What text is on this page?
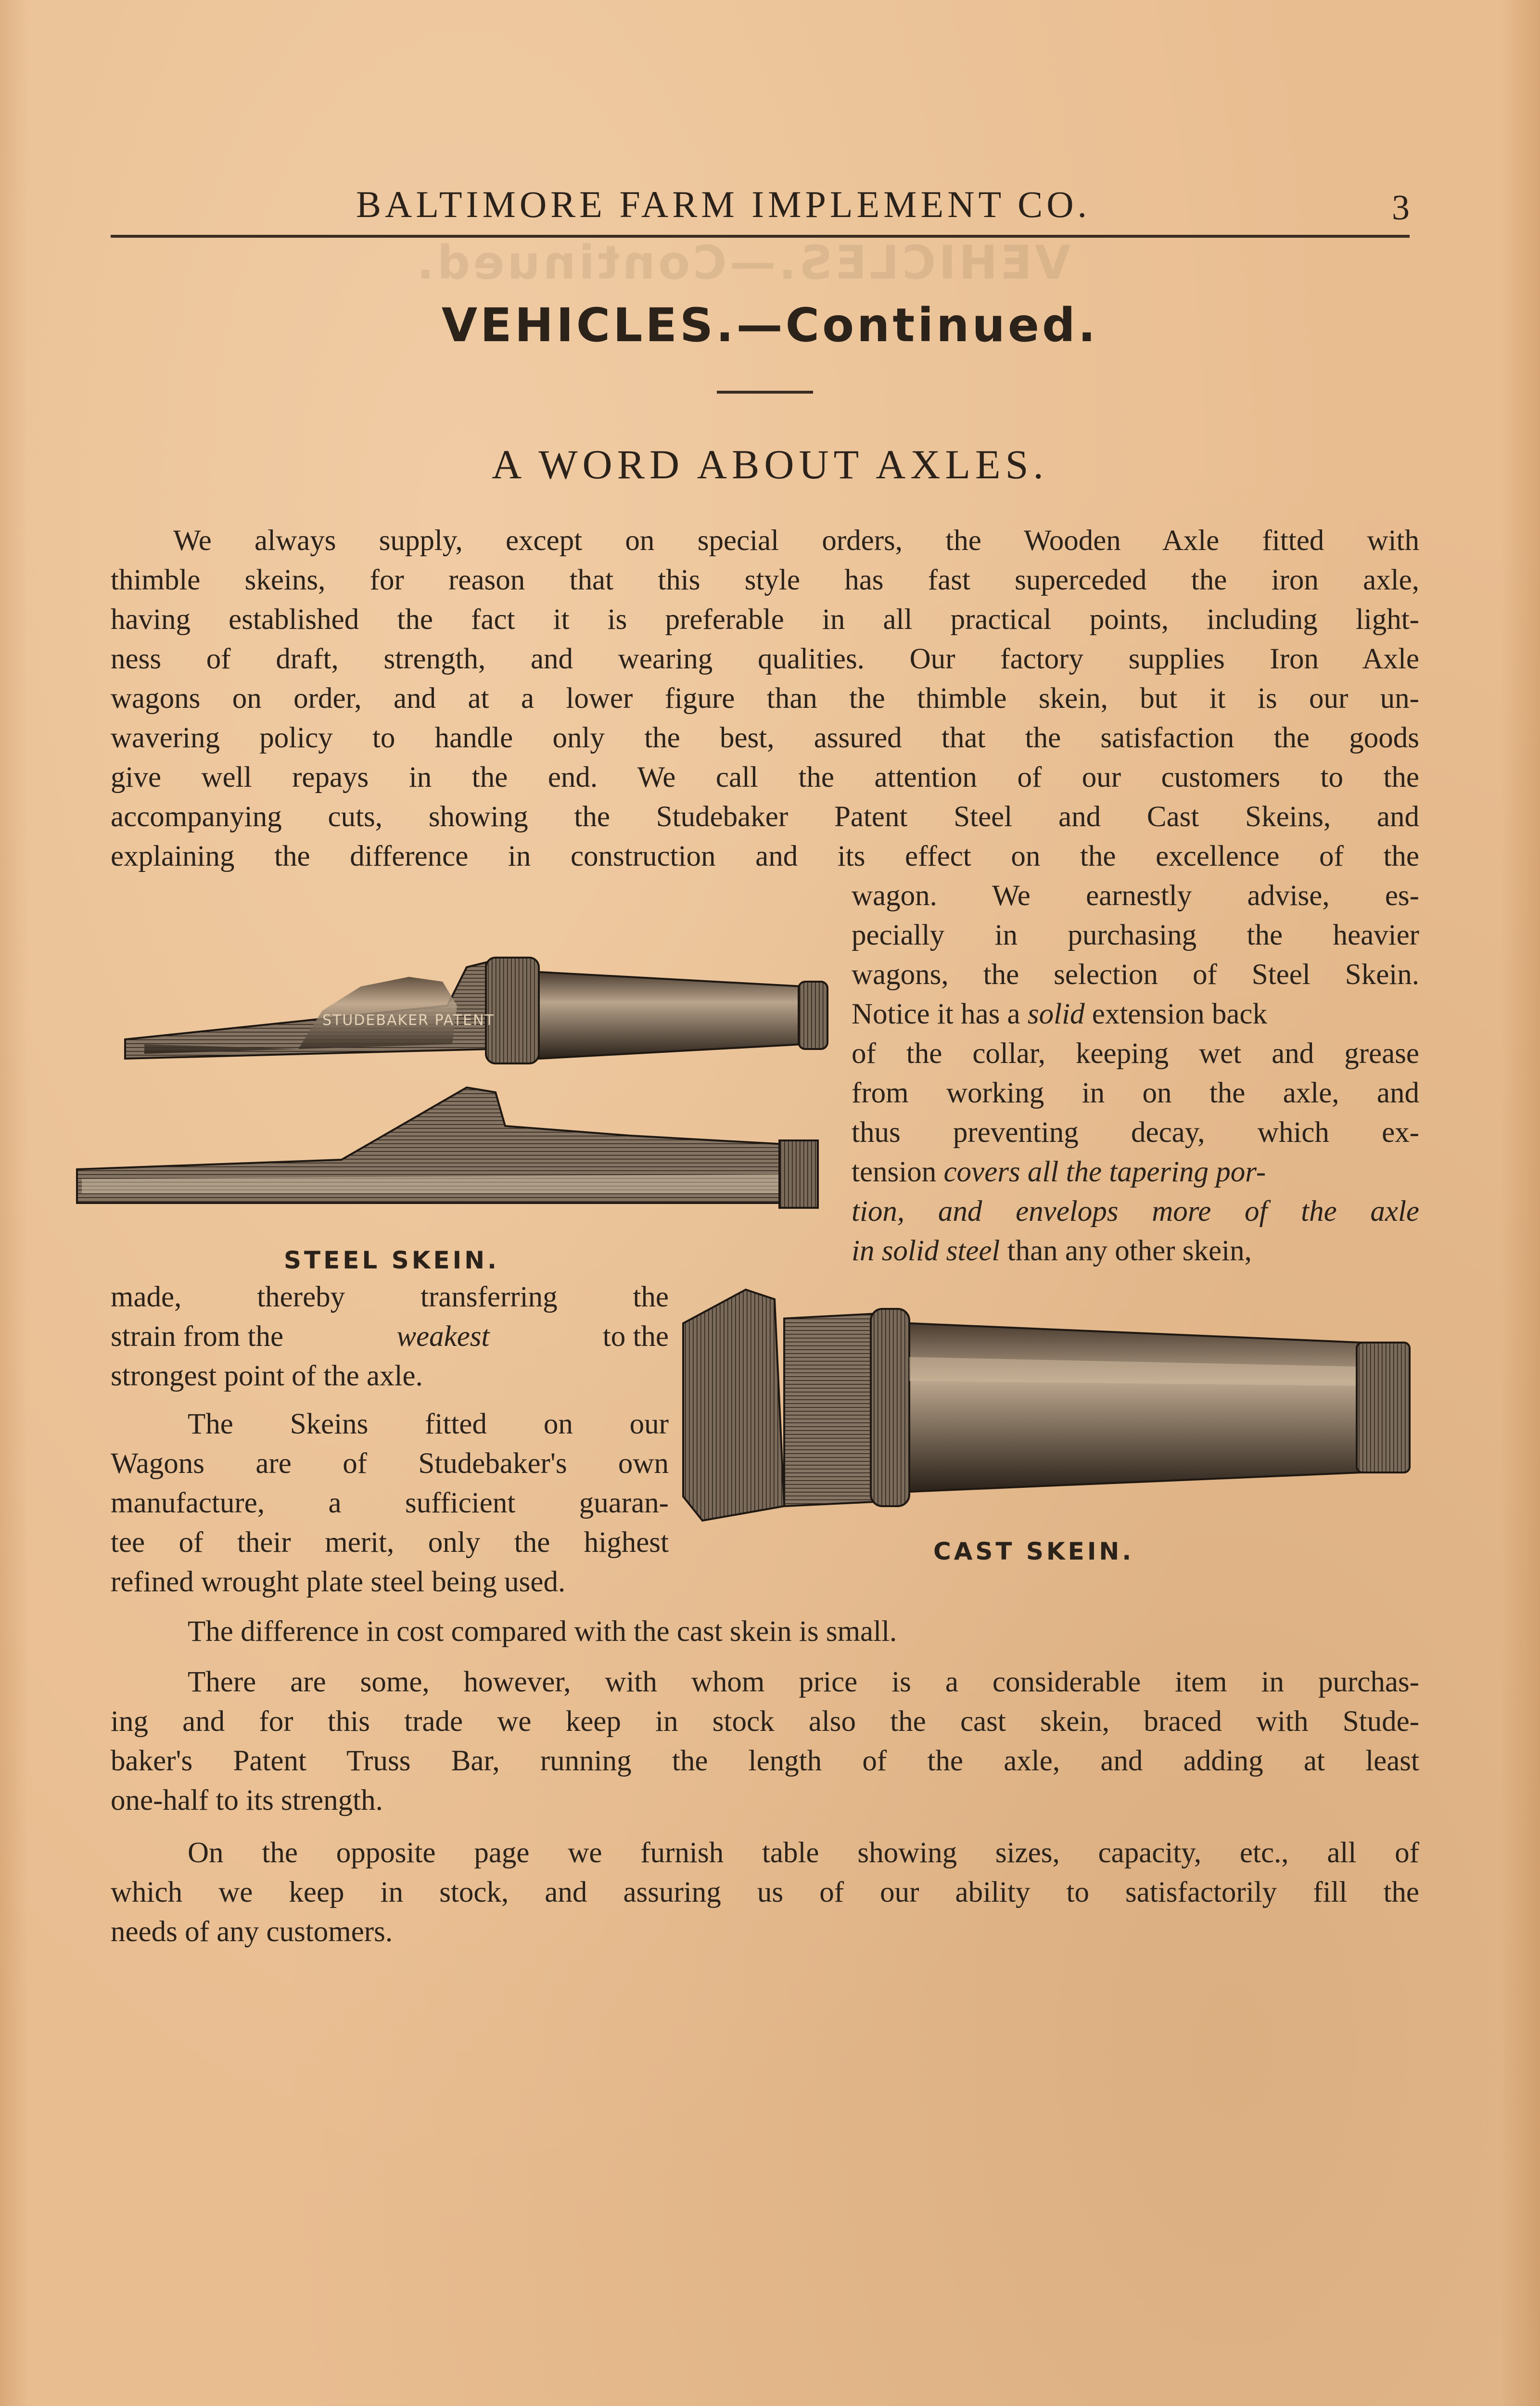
VEHICLES.—Continued.
BALTIMORE FARM IMPLEMENT CO.	3
VEHICLES.—Continued.
A WORD ABOUT AXLES.
We always supply, except on special orders, the Wooden Axle fitted with
thimble skeins, for reason that this style has fast superceded the iron axle,
having established the fact it is preferable in all practical points, including light-
ness of draft, strength, and wearing qualities. Our factory supplies Iron Axle
wagons on order, and at a lower figure than the thimble skein, but it is our un-
wavering policy to handle only the best, assured that the satisfaction the goods
give well repays in the end. We call the attention of our customers to the
accompanying cuts, showing the Studebaker Patent Steel and Cast Skeins, and
explaining the difference in construction and its effect on the excellence of the
wagon. We earnestly advise, es-
pecially in purchasing the heavier
wagons, the selection of Steel Skein.
Notice it has a solid extension back
of the collar, keeping wet and grease
from working in on the axle, and
thus preventing decay, which ex-
tension covers all the tapering por-
tion, and envelops more of the axle
in solid steel than any other skein,
STUDEBAKER PATENT
STEEL SKEIN.
made, thereby transferring the
strain from the	weakest	to the
strongest point of the axle.
The Skeins fitted on our
Wagons are of Studebaker's own
manufacture, a sufficient guaran-
tee of their merit, only the highest
refined wrought plate steel being used.
CAST SKEIN.
The difference in cost compared with the cast skein is small.
There are some, however, with whom price is a considerable item in purchas-
ing and for this trade we keep in stock also the cast skein, braced with Stude-
baker's Patent Truss Bar, running the length of the axle, and adding at least
one-half to its strength.
On the opposite page we furnish table showing sizes, capacity, etc., all of
which we keep in stock, and assuring us of our ability to satisfactorily fill the
needs of any customers.
